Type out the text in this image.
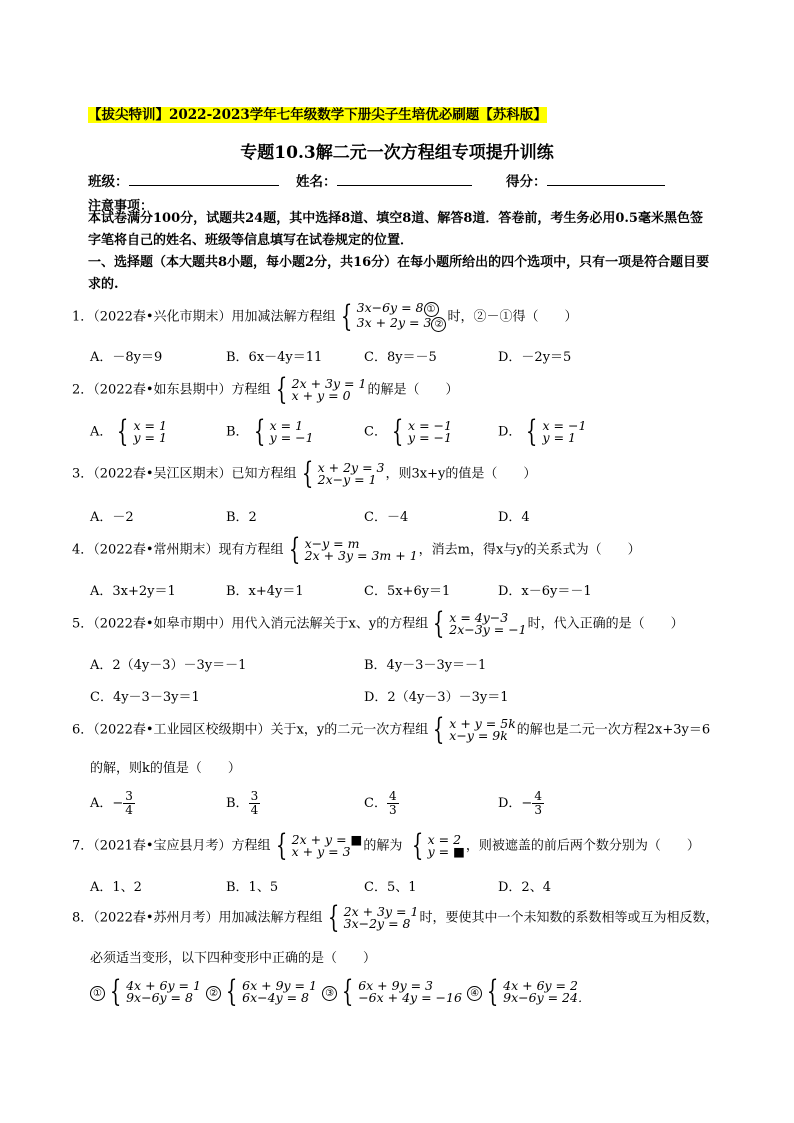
【拔尖特训】2022-2023学年七年级数学下册尖子生培优必刷题【苏科版】
专题10.3解二元一次方程组专项提升训练
班级：	姓名：	得分：
注意事项：
本试卷满分100分，试题共24题，其中选择8道、填空8道、解答8道．答卷前，考生务必用0.5毫米黑色签字笔将自己的姓名、班级等信息填写在试卷规定的位置．
一、选择题（本大题共8小题，每小题2分，共16分）在每小题所给出的四个选项中，只有一项是符合题目要求的.
1．（2022春•兴化市期末）用加减法解方程组 { 3x−6y = 8 ①
3x + 2y = 3 ② 时，②－①得（　　）
A．－8y＝9	B．6x－4y＝11	C．8y＝－5	D．－2y＝5
2．（2022春•如东县期中）方程组 { 2x + 3y = 1
x + y = 0	的解是（　　）
A． { x = 1
y = 1	B． { x = 1
y = −1	C． { x = −1
y = −1	D． { x = −1
y = 1
3．（2022春•吴江区期末）已知方程组 { x + 2y = 3
2x−y = 1 ，则3x+y的值是（　　）
A．－2	B．2	C．－4	D．4
4．（2022春•常州期末）现有方程组 { x−y = m
2x + 3y = 3m + 1 ，消去m，得x与y的关系式为（　　）
A．3x+2y＝1	B．x+4y＝1	C．5x+6y＝1	D．x－6y＝－1
5．（2022春•如皋市期中）用代入消元法解关于x、y的方程组 { x = 4y−3
2x−3y = −1 时，代入正确的是（　　）
A．2（4y－3）－3y＝－1	B．4y－3－3y＝－1
C．4y－3－3y＝1	D．2（4y－3）－3y＝1
6．（2022春•工业园区校级期中）关于x，y的二元一次方程组 { x + y = 5k
x−y = 9k 的解也是二元一次方程2x+3y＝6
的解，则k的值是（　　）
A．− $\frac{3}{4}$	B． $\frac{3}{4}$	C． $\frac{4}{3}$	D．− $\frac{4}{3}$
7．（2021春•宝应县月考）方程组 { 2x + y = ■
x + y = 3 的解为 { x = 2
y = ■ ，则被遮盖的前后两个数分别为（　　）
A．1、2	B．1、5	C．5、1	D．2、4
8．（2022春•苏州月考）用加减法解方程组 { 2x + 3y = 1
3x−2y = 8 时，要使其中一个未知数的系数相等或互为相反数，
必须适当变形，以下四种变形中正确的是（　　）
① { 4x + 6y = 1
9x−6y = 8	② { 6x + 9y = 1
6x−4y = 8	③ { 6x + 9y = 3
−6x + 4y = −16 ④ { 4x + 6y = 2
9x−6y = 24．
